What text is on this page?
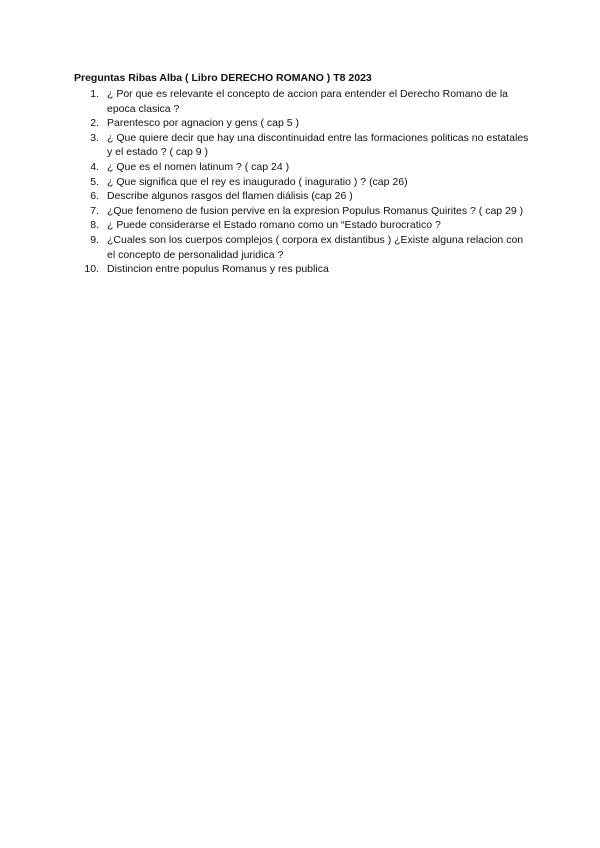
Preguntas Ribas Alba ( Libro DERECHO ROMANO ) T8 2023
1. ¿ Por que es relevante el concepto de accion para entender el Derecho Romano de la epoca clasica ?
2. Parentesco por agnacion y gens ( cap 5 )
3. ¿ Que quiere decir que hay una discontinuidad entre las formaciones politicas no estatales y el estado ? ( cap 9 )
4. ¿ Que es el nomen latinum ? ( cap 24 )
5. ¿ Que significa que el rey es inaugurado ( inaguratio ) ? (cap 26)
6. Describe algunos rasgos del flamen diálisis (cap 26 )
7. ¿Que fenomeno de fusion pervive en la expresion Populus Romanus Quirites ? ( cap 29 )
8. ¿ Puede considerarse el Estado romano como un “Estado burocratico ?
9. ¿Cuales son los cuerpos complejos ( corpora ex distantibus ) ¿Existe alguna relacion con el concepto de personalidad juridica ?
10. Distincion entre populus Romanus y res publica
